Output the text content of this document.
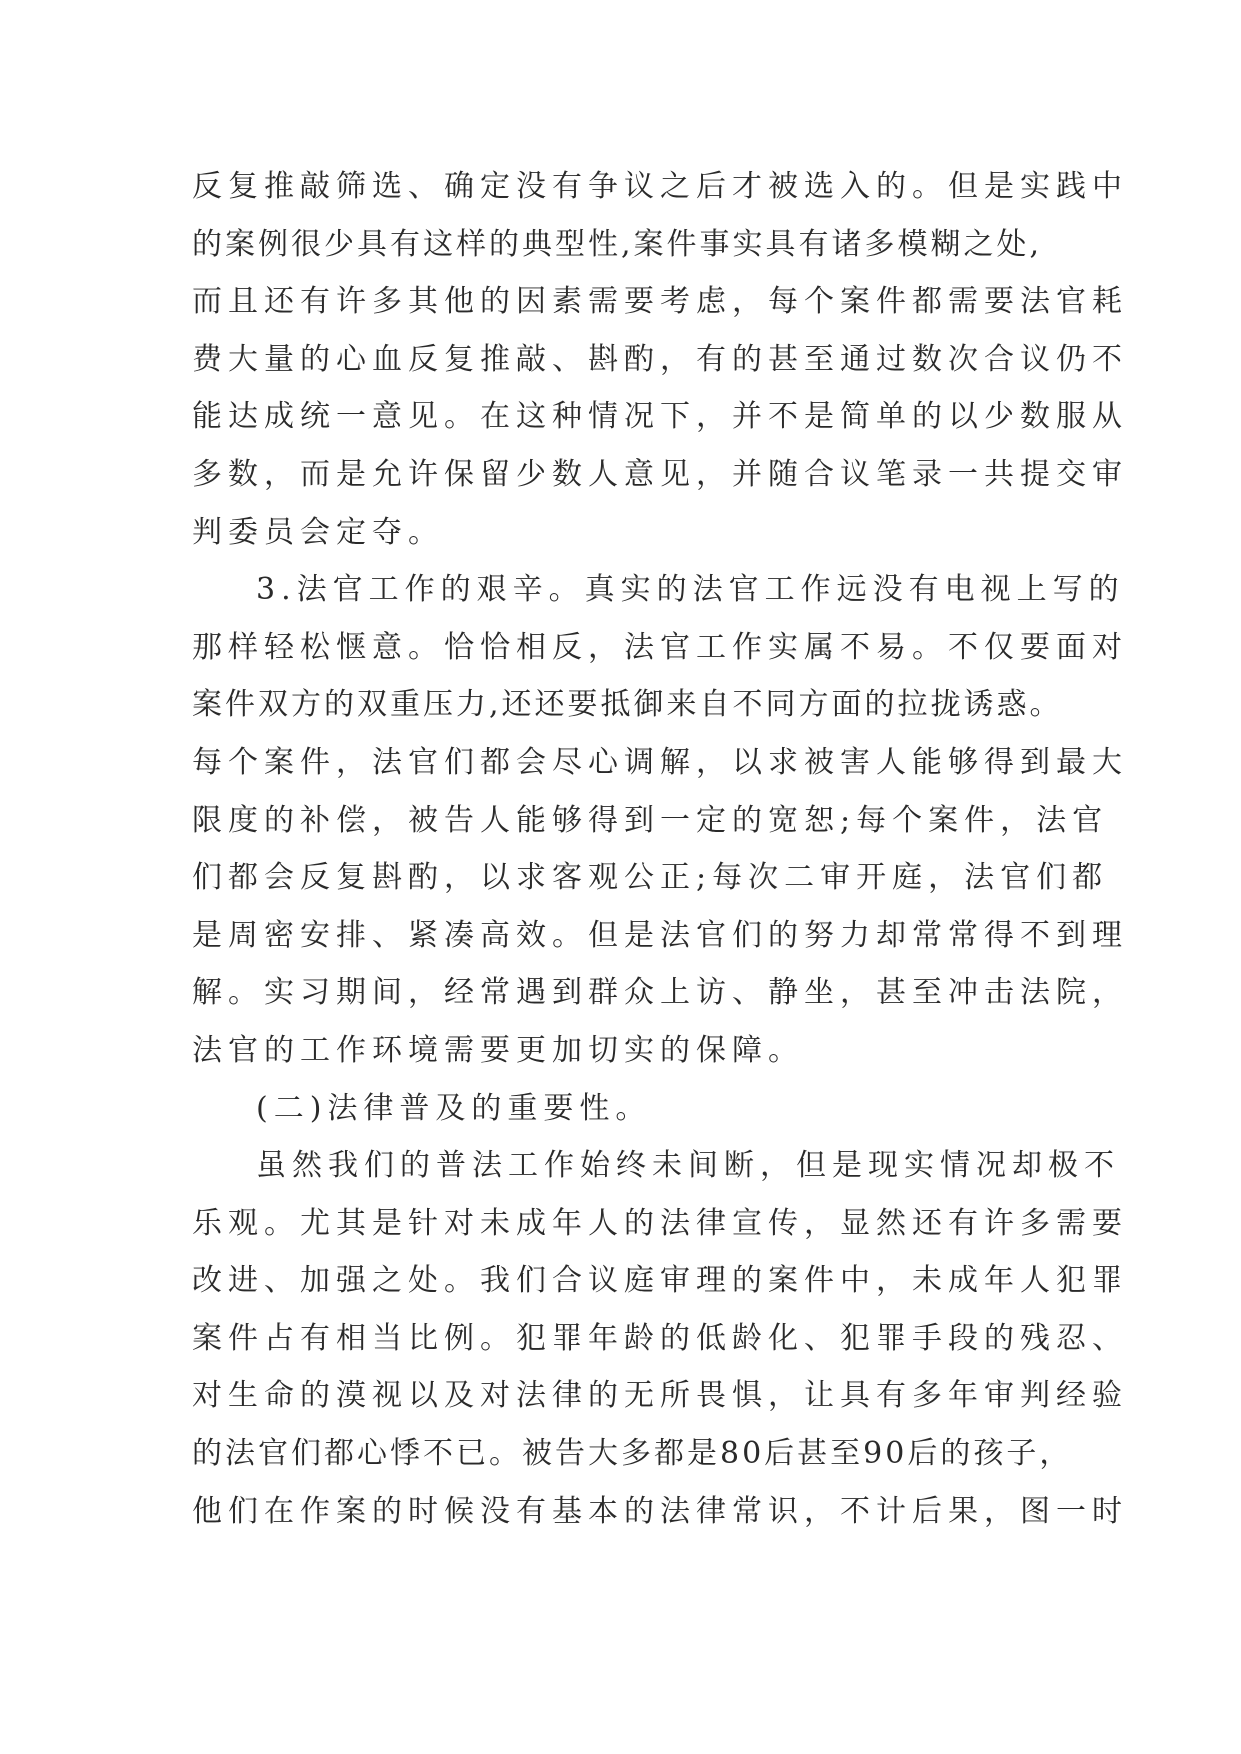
反复推敲筛选、确定没有争议之后才被选入的。但是实践中
的案例很少具有这样的典型性,案件事实具有诸多模糊之处,
而且还有许多其他的因素需要考虑，每个案件都需要法官耗
费大量的心血反复推敲、斟酌，有的甚至通过数次合议仍不
能达成统一意见。在这种情况下，并不是简单的以少数服从
多数，而是允许保留少数人意见，并随合议笔录一共提交审
判委员会定夺。
3.法官工作的艰辛。真实的法官工作远没有电视上写的
那样轻松惬意。恰恰相反，法官工作实属不易。不仅要面对
案件双方的双重压力,还还要抵御来自不同方面的拉拢诱惑。
每个案件，法官们都会尽心调解，以求被害人能够得到最大
限度的补偿，被告人能够得到一定的宽恕;每个案件，法官
们都会反复斟酌，以求客观公正;每次二审开庭，法官们都
是周密安排、紧凑高效。但是法官们的努力却常常得不到理
解。实习期间，经常遇到群众上访、静坐，甚至冲击法院，
法官的工作环境需要更加切实的保障。
(二)法律普及的重要性。
虽然我们的普法工作始终未间断，但是现实情况却极不
乐观。尤其是针对未成年人的法律宣传，显然还有许多需要
改进、加强之处。我们合议庭审理的案件中，未成年人犯罪
案件占有相当比例。犯罪年龄的低龄化、犯罪手段的残忍、
对生命的漠视以及对法律的无所畏惧，让具有多年审判经验
的法官们都心悸不已。被告大多都是80后甚至90后的孩子，
他们在作案的时候没有基本的法律常识，不计后果，图一时
